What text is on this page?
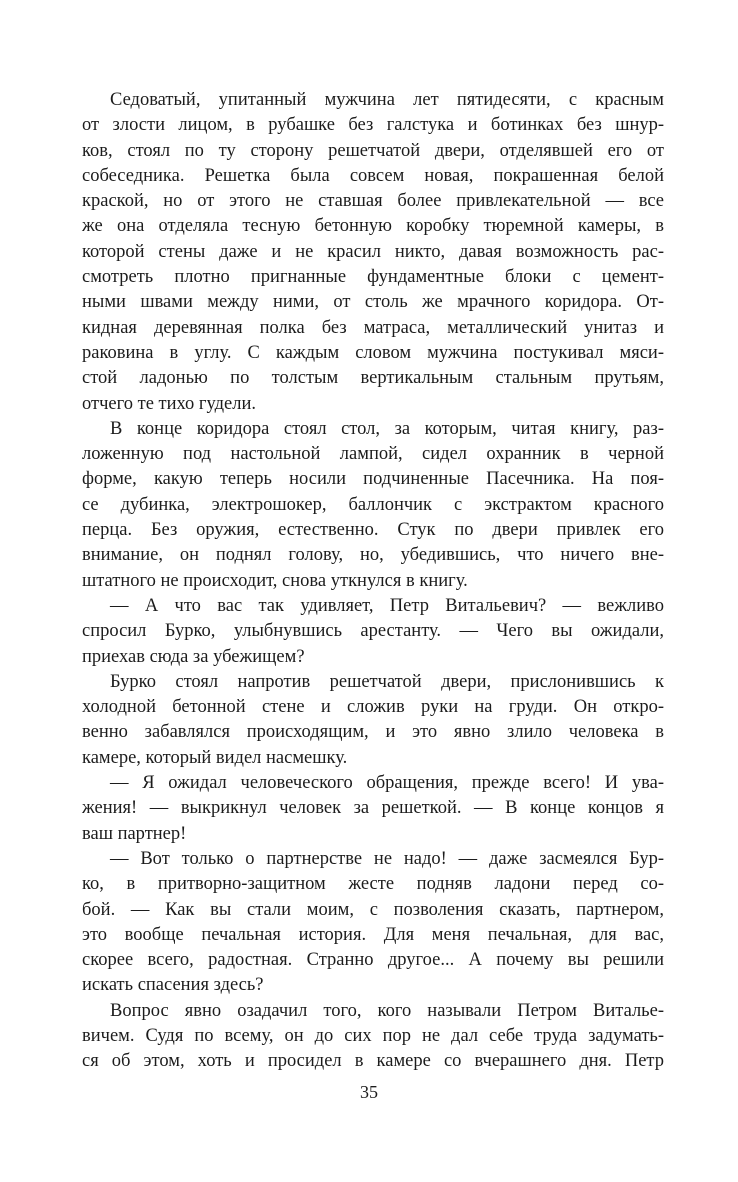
Седоватый, упитанный мужчина лет пятидесяти, с красным
от злости лицом, в рубашке без галстука и ботинках без шнур-
ков, стоял по ту сторону решетчатой двери, отделявшей его от
собеседника. Решетка была совсем новая, покрашенная белой
краской, но от этого не ставшая более привлекательной — все
же она отделяла тесную бетонную коробку тюремной камеры, в
которой стены даже и не красил никто, давая возможность рас-
смотреть плотно пригнанные фундаментные блоки с цемент-
ными швами между ними, от столь же мрачного коридора. От-
кидная деревянная полка без матраса, металлический унитаз и
раковина в углу. С каждым словом мужчина постукивал мяси-
стой ладонью по толстым вертикальным стальным прутьям,
отчего те тихо гудели.
В конце коридора стоял стол, за которым, читая книгу, раз-
ложенную под настольной лампой, сидел охранник в черной
форме, какую теперь носили подчиненные Пасечника. На поя-
се дубинка, электрошокер, баллончик с экстрактом красного
перца. Без оружия, естественно. Стук по двери привлек его
внимание, он поднял голову, но, убедившись, что ничего вне-
штатного не происходит, снова уткнулся в книгу.
— А что вас так удивляет, Петр Витальевич? — вежливо
спросил Бурко, улыбнувшись арестанту. — Чего вы ожидали,
приехав сюда за убежищем?
Бурко стоял напротив решетчатой двери, прислонившись к
холодной бетонной стене и сложив руки на груди. Он откро-
венно забавлялся происходящим, и это явно злило человека в
камере, который видел насмешку.
— Я ожидал человеческого обращения, прежде всего! И ува-
жения! — выкрикнул человек за решеткой. — В конце концов я
ваш партнер!
— Вот только о партнерстве не надо! — даже засмеялся Бур-
ко, в притворно-защитном жесте подняв ладони перед со-
бой. — Как вы стали моим, с позволения сказать, партнером,
это вообще печальная история. Для меня печальная, для вас,
скорее всего, радостная. Странно другое... А почему вы решили
искать спасения здесь?
Вопрос явно озадачил того, кого называли Петром Виталье-
вичем. Судя по всему, он до сих пор не дал себе труда задумать-
ся об этом, хоть и просидел в камере со вчерашнего дня. Петр
35
